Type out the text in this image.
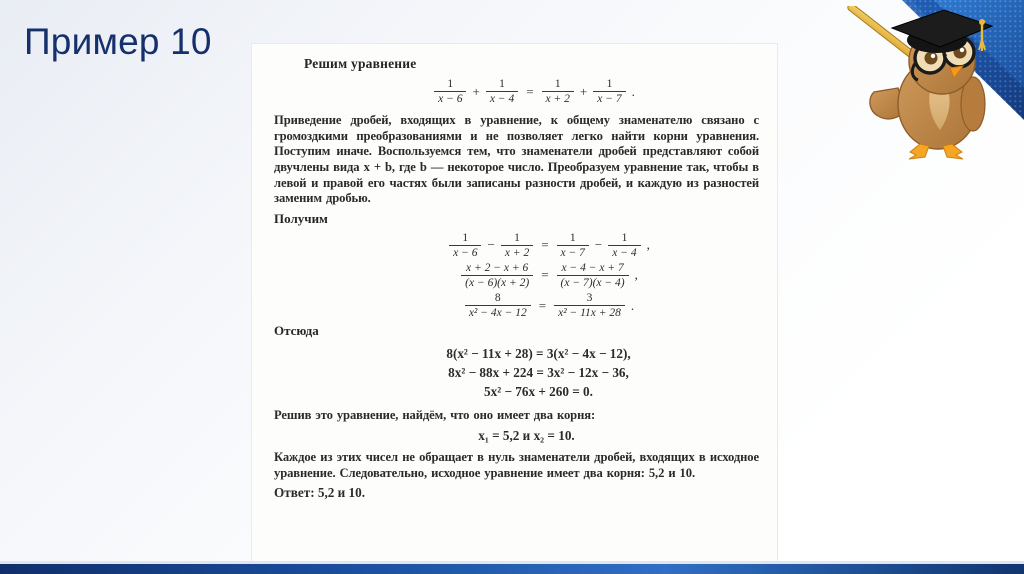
Пример 10
Решим уравнение
$\frac{1}{x - 6} + \frac{1}{x - 4} = \frac{1}{x + 2} + \frac{1}{x - 7}$ .
Приведение дробей, входящих в уравнение, к общему знаменателю связано с громоздкими преобразованиями и не позволяет легко найти корни уравнения. Поступим иначе. Воспользуемся тем, что знаменатели дробей представляют собой двучлены вида x + b, где b — некоторое число. Преобразуем уравнение так, чтобы в левой и правой его частях были записаны разности дробей, и каждую из разностей заменим дробью.
Получим
$\frac{1}{x - 6} - \frac{1}{x + 2} = \frac{1}{x - 7} - \frac{1}{x - 4}$ ,
$\frac{x + 2 - x + 6}{(x - 6)(x + 2)} = \frac{x - 4 - x + 7}{(x - 7)(x - 4)}$ ,
$\frac{8}{\text{x² − 4x − 12}} = \frac{3}{\text{x² − 11x + 28}}$ .
Отсюда
8(x² − 11x + 28) = 3(x² − 4x − 12),
8x² − 88x + 224 = 3x² − 12x − 36,
5x² − 76x + 260 = 0.
Решив это уравнение, найдём, что оно имеет два корня:
x₁ = 5,2 и x₂ = 10.
Каждое из этих чисел не обращает в нуль знаменатели дробей, входящих в исходное уравнение. Следовательно, исходное уравнение имеет два корня: 5,2 и 10.
Ответ: 5,2 и 10.
